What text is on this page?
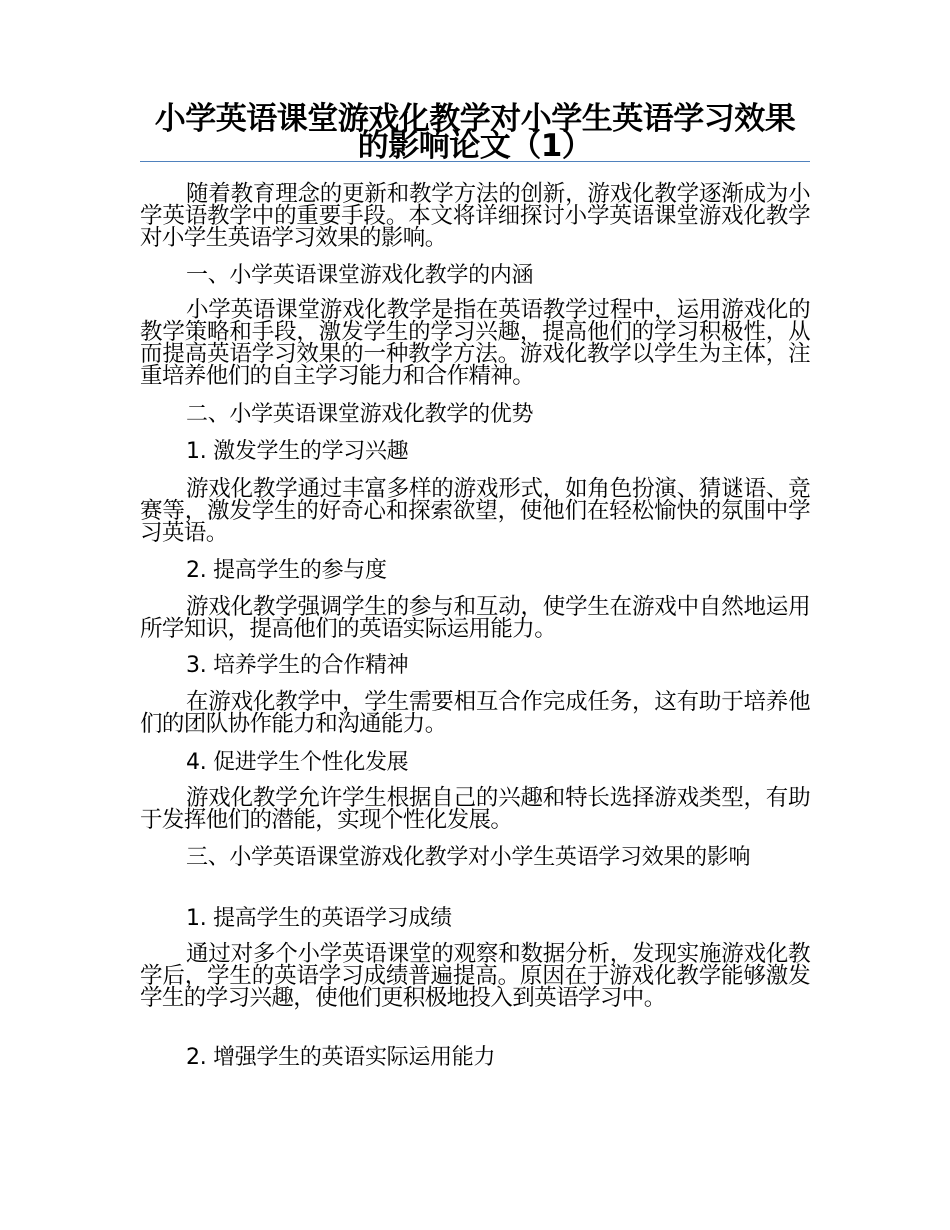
小学英语课堂游戏化教学对小学生英语学习效果的影响论文（1）

随着教育理念的更新和教学方法的创新，游戏化教学逐渐成为小学英语教学中的重要手段。本文将详细探讨小学英语课堂游戏化教学对小学生英语学习效果的影响。

一、小学英语课堂游戏化教学的内涵

小学英语课堂游戏化教学是指在英语教学过程中，运用游戏化的教学策略和手段，激发学生的学习兴趣，提高他们的学习积极性，从而提高英语学习效果的一种教学方法。游戏化教学以学生为主体，注重培养他们的自主学习能力和合作精神。

二、小学英语课堂游戏化教学的优势

1. 激发学生的学习兴趣

游戏化教学通过丰富多样的游戏形式，如角色扮演、猜谜语、竞赛等，激发学生的好奇心和探索欲望，使他们在轻松愉快的氛围中学习英语。

2. 提高学生的参与度

游戏化教学强调学生的参与和互动，使学生在游戏中自然地运用所学知识，提高他们的英语实际运用能力。

3. 培养学生的合作精神

在游戏化教学中，学生需要相互合作完成任务，这有助于培养他们的团队协作能力和沟通能力。

4. 促进学生个性化发展

游戏化教学允许学生根据自己的兴趣和特长选择游戏类型，有助于发挥他们的潜能，实现个性化发展。

三、小学英语课堂游戏化教学对小学生英语学习效果的影响

1. 提高学生的英语学习成绩

通过对多个小学英语课堂的观察和数据分析，发现实施游戏化教学后，学生的英语学习成绩普遍提高。原因在于游戏化教学能够激发学生的学习兴趣，使他们更积极地投入到英语学习中。

2. 增强学生的英语实际运用能力
